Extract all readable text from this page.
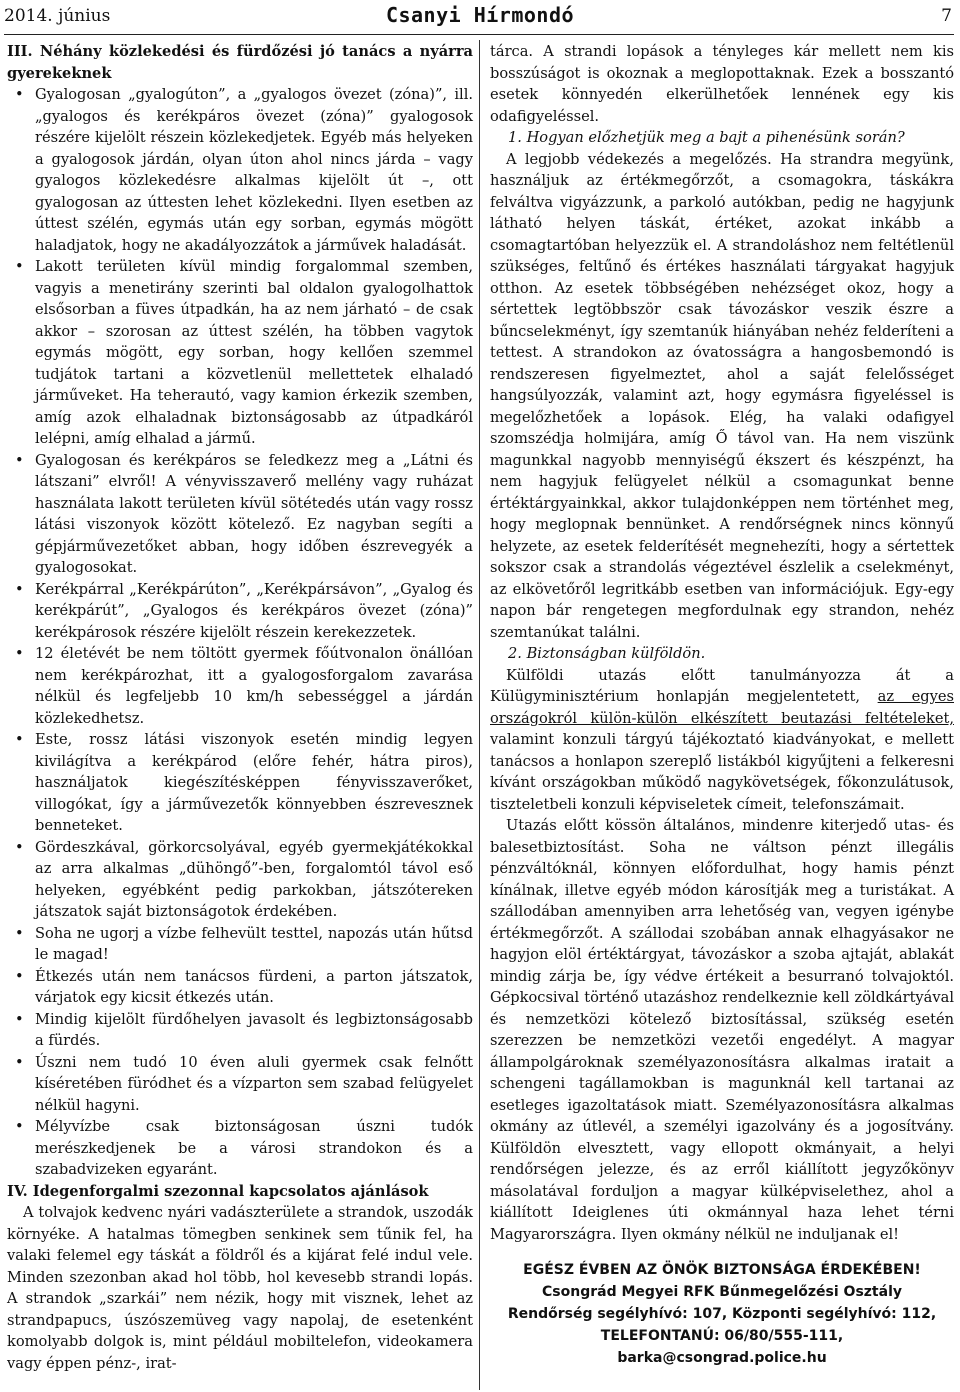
2014. június	Csanyi Hírmondó	7

III. Néhány közlekedési és fürdőzési jó tanács a nyárra gyerekeknek

• Gyalogosan „gyalogúton”, a „gyalogos övezet (zóna)”, ill. „gyalogos és kerékpáros övezet (zóna)” gyalogosok részére kijelölt részein közlekedjetek. Egyéb más helyeken a gyalogosok járdán, olyan úton ahol nincs járda – vagy gyalogos közlekedésre alkalmas kijelölt út –, ott gyalogosan az úttesten lehet közlekedni. Ilyen esetben az úttest szélén, egymás után egy sorban, egymás mögött haladjatok, hogy ne akadályozzátok a járművek haladását.
• Lakott területen kívül mindig forgalommal szemben, vagyis a menetirány szerinti bal oldalon gyalogolhattok elsősorban a füves útpadkán, ha az nem járható – de csak akkor – szorosan az úttest szélén, ha többen vagytok egymás mögött, egy sorban, hogy kellően szemmel tudjátok tartani a közvetlenül mellettetek elhaladó járműveket. Ha teherautó, vagy kamion érkezik szemben, amíg azok elhaladnak biztonságosabb az útpadkáról lelépni, amíg elhalad a jármű.
• Gyalogosan és kerékpáros se feledkezz meg a „Látni és látszani” elvről! A vényvisszaverő mellény vagy ruházat használata lakott területen kívül sötétedés után vagy rossz látási viszonyok között kötelező. Ez nagyban segíti a gépjárművezetőket abban, hogy időben észrevegyék a gyalogosokat.
• Kerékpárral „Kerékpárúton”, „Kerékpársávon”, „Gyalog és kerékpárút”, „Gyalogos és kerékpáros övezet (zóna)” kerékpárosok részére kijelölt részein kerekezzetek.
• 12 életévét be nem töltött gyermek főútvonalon önállóan nem kerékpározhat, itt a gyalogosforgalom zavarása nélkül és legfeljebb 10 km/h sebességgel a járdán közlekedhetsz.
• Este, rossz látási viszonyok esetén mindig legyen kivilágítva a kerékpárod (előre fehér, hátra piros), használjatok kiegészítésképpen fényvisszaverőket, villogókat, így a járművezetők könnyebben észrevesznek benneteket.
• Gördeszkával, görkorcsolyával, egyéb gyermekjátékokkal az arra alkalmas „dühöngő”-ben, forgalomtól távol eső helyeken, egyébként pedig parkokban, játszótereken játszatok saját biztonságotok érdekében.
• Soha ne ugorj a vízbe felhevült testtel, napozás után hűtsd le magad!
• Étkezés után nem tanácsos fürdeni, a parton játszatok, várjatok egy kicsit étkezés után.
• Mindig kijelölt fürdőhelyen javasolt és legbiztonságosabb a fürdés.
• Úszni nem tudó 10 éven aluli gyermek csak felnőtt kíséretében füródhet és a vízparton sem szabad felügyelet nélkül hagyni.
• Mélyvízbe csak biztonságosan úszni tudók merészkedjenek be a városi strandokon és a szabadvizeken egyaránt.

IV. Idegenforgalmi szezonnal kapcsolatos ajánlások

A tolvajok kedvenc nyári vadászterülete a strandok, uszodák környéke. A hatalmas tömegben senkinek sem tűnik fel, ha valaki felemel egy táskát a földről és a kijárat felé indul vele. Minden szezonban akad hol több, hol kevesebb strandi lopás. A strandok „szarkái” nem nézik, hogy mit visznek, lehet az strandpapucs, úszószemüveg vagy napolaj, de esetenként komolyabb dolgok is, mint például mobiltelefon, videokamera vagy éppen pénz-, irat-

tárca. A strandi lopások a tényleges kár mellett nem kis bosszúságot is okoznak a meglopottaknak. Ezek a bosszantó esetek könnyedén elkerülhetőek lennének egy kis odafigyeléssel.

1. Hogyan előzhetjük meg a bajt a pihenésünk során?

A legjobb védekezés a megelőzés. Ha strandra megyünk, használjuk az értékmegőrzőt, a csomagokra, táskákra felváltva vigyázzunk, a parkoló autókban, pedig ne hagyjunk látható helyen táskát, értéket, azokat inkább a csomagtartóban helyezzük el. A strandoláshoz nem feltétlenül szükséges, feltűnő és értékes használati tárgyakat hagyjuk otthon. Az esetek többségében nehézséget okoz, hogy a sértettek legtöbbször csak távozáskor veszik észre a bűncselekményt, így szemtanúk hiányában nehéz felderíteni a tettest. A strandokon az óvatosságra a hangosbemondó is rendszeresen figyelmeztet, ahol a saját felelősséget hangsúlyozzák, valamint azt, hogy egymásra figyeléssel is megelőzhetőek a lopások. Elég, ha valaki odafigyel szomszédja holmijára, amíg Ő távol van. Ha nem viszünk magunkkal nagyobb mennyiségű ékszert és készpénzt, ha nem hagyjuk felügyelet nélkül a csomagunkat benne értéktárgyainkkal, akkor tulajdonképpen nem történhet meg, hogy meglopnak bennünket. A rendőrségnek nincs könnyű helyzete, az esetek felderítését megnehezíti, hogy a sértettek sokszor csak a strandolás végeztével észlelik a cselekményt, az elkövetőről legritkább esetben van információjuk. Egy-egy napon bár rengetegen megfordulnak egy strandon, nehéz szemtanúkat találni.

2. Biztonságban külföldön.

Külföldi utazás előtt tanulmányozza át a Külügyminisztérium honlapján megjelentetett, az egyes országokról külön-külön elkészített beutazási feltételeket, valamint konzuli tárgyú tájékoztató kiadványokat, e mellett tanácsos a honlapon szereplő listákból kigyűjteni a felkeresni kívánt országokban működő nagykövetségek, főkonzulátusok, tiszteletbeli konzuli képviseletek címeit, telefonszámait.

Utazás előtt kössön általános, mindenre kiterjedő utas- és balesetbiztosítást. Soha ne váltson pénzt illegális pénzváltóknál, könnyen előfordulhat, hogy hamis pénzt kínálnak, illetve egyéb módon károsítják meg a turistákat. A szállodában amennyiben arra lehetőség van, vegyen igénybe értékmegőrzőt. A szállodai szobában annak elhagyásakor ne hagyjon elöl értéktárgyat, távozáskor a szoba ajtaját, ablakát mindig zárja be, így védve értékeit a besurranó tolvajoktól. Gépkocsival történő utazáshoz rendelkeznie kell zöldkártyával és nemzetközi kötelező biztosítással, szükség esetén szerezzen be nemzetközi vezetői engedélyt. A magyar állampolgároknak személyazonosításra alkalmas iratait a schengeni tagállamokban is magunknál kell tartanai az esetleges igazoltatások miatt. Személyazonosításra alkalmas okmány az útlevél, a személyi igazolvány és a jogosítvány. Külföldön elvesztett, vagy ellopott okmányait, a helyi rendőrségen jelezze, és az erről kiállított jegyzőkönyv másolatával forduljon a magyar külképviselethez, ahol a kiállított Ideiglenes úti okmánnyal haza lehet térni Magyarországra. Ilyen okmány nélkül ne induljanak el!

EGÉSZ ÉVBEN AZ ÖNÖK BIZTONSÁGA ÉRDEKÉBEN!
Csongrád Megyei RFK Bűnmegelőzési Osztály
Rendőrség segélyhívó: 107, Központi segélyhívó: 112,
TELEFONTANÚ: 06/80/555-111,
barka@csongrad.police.hu
